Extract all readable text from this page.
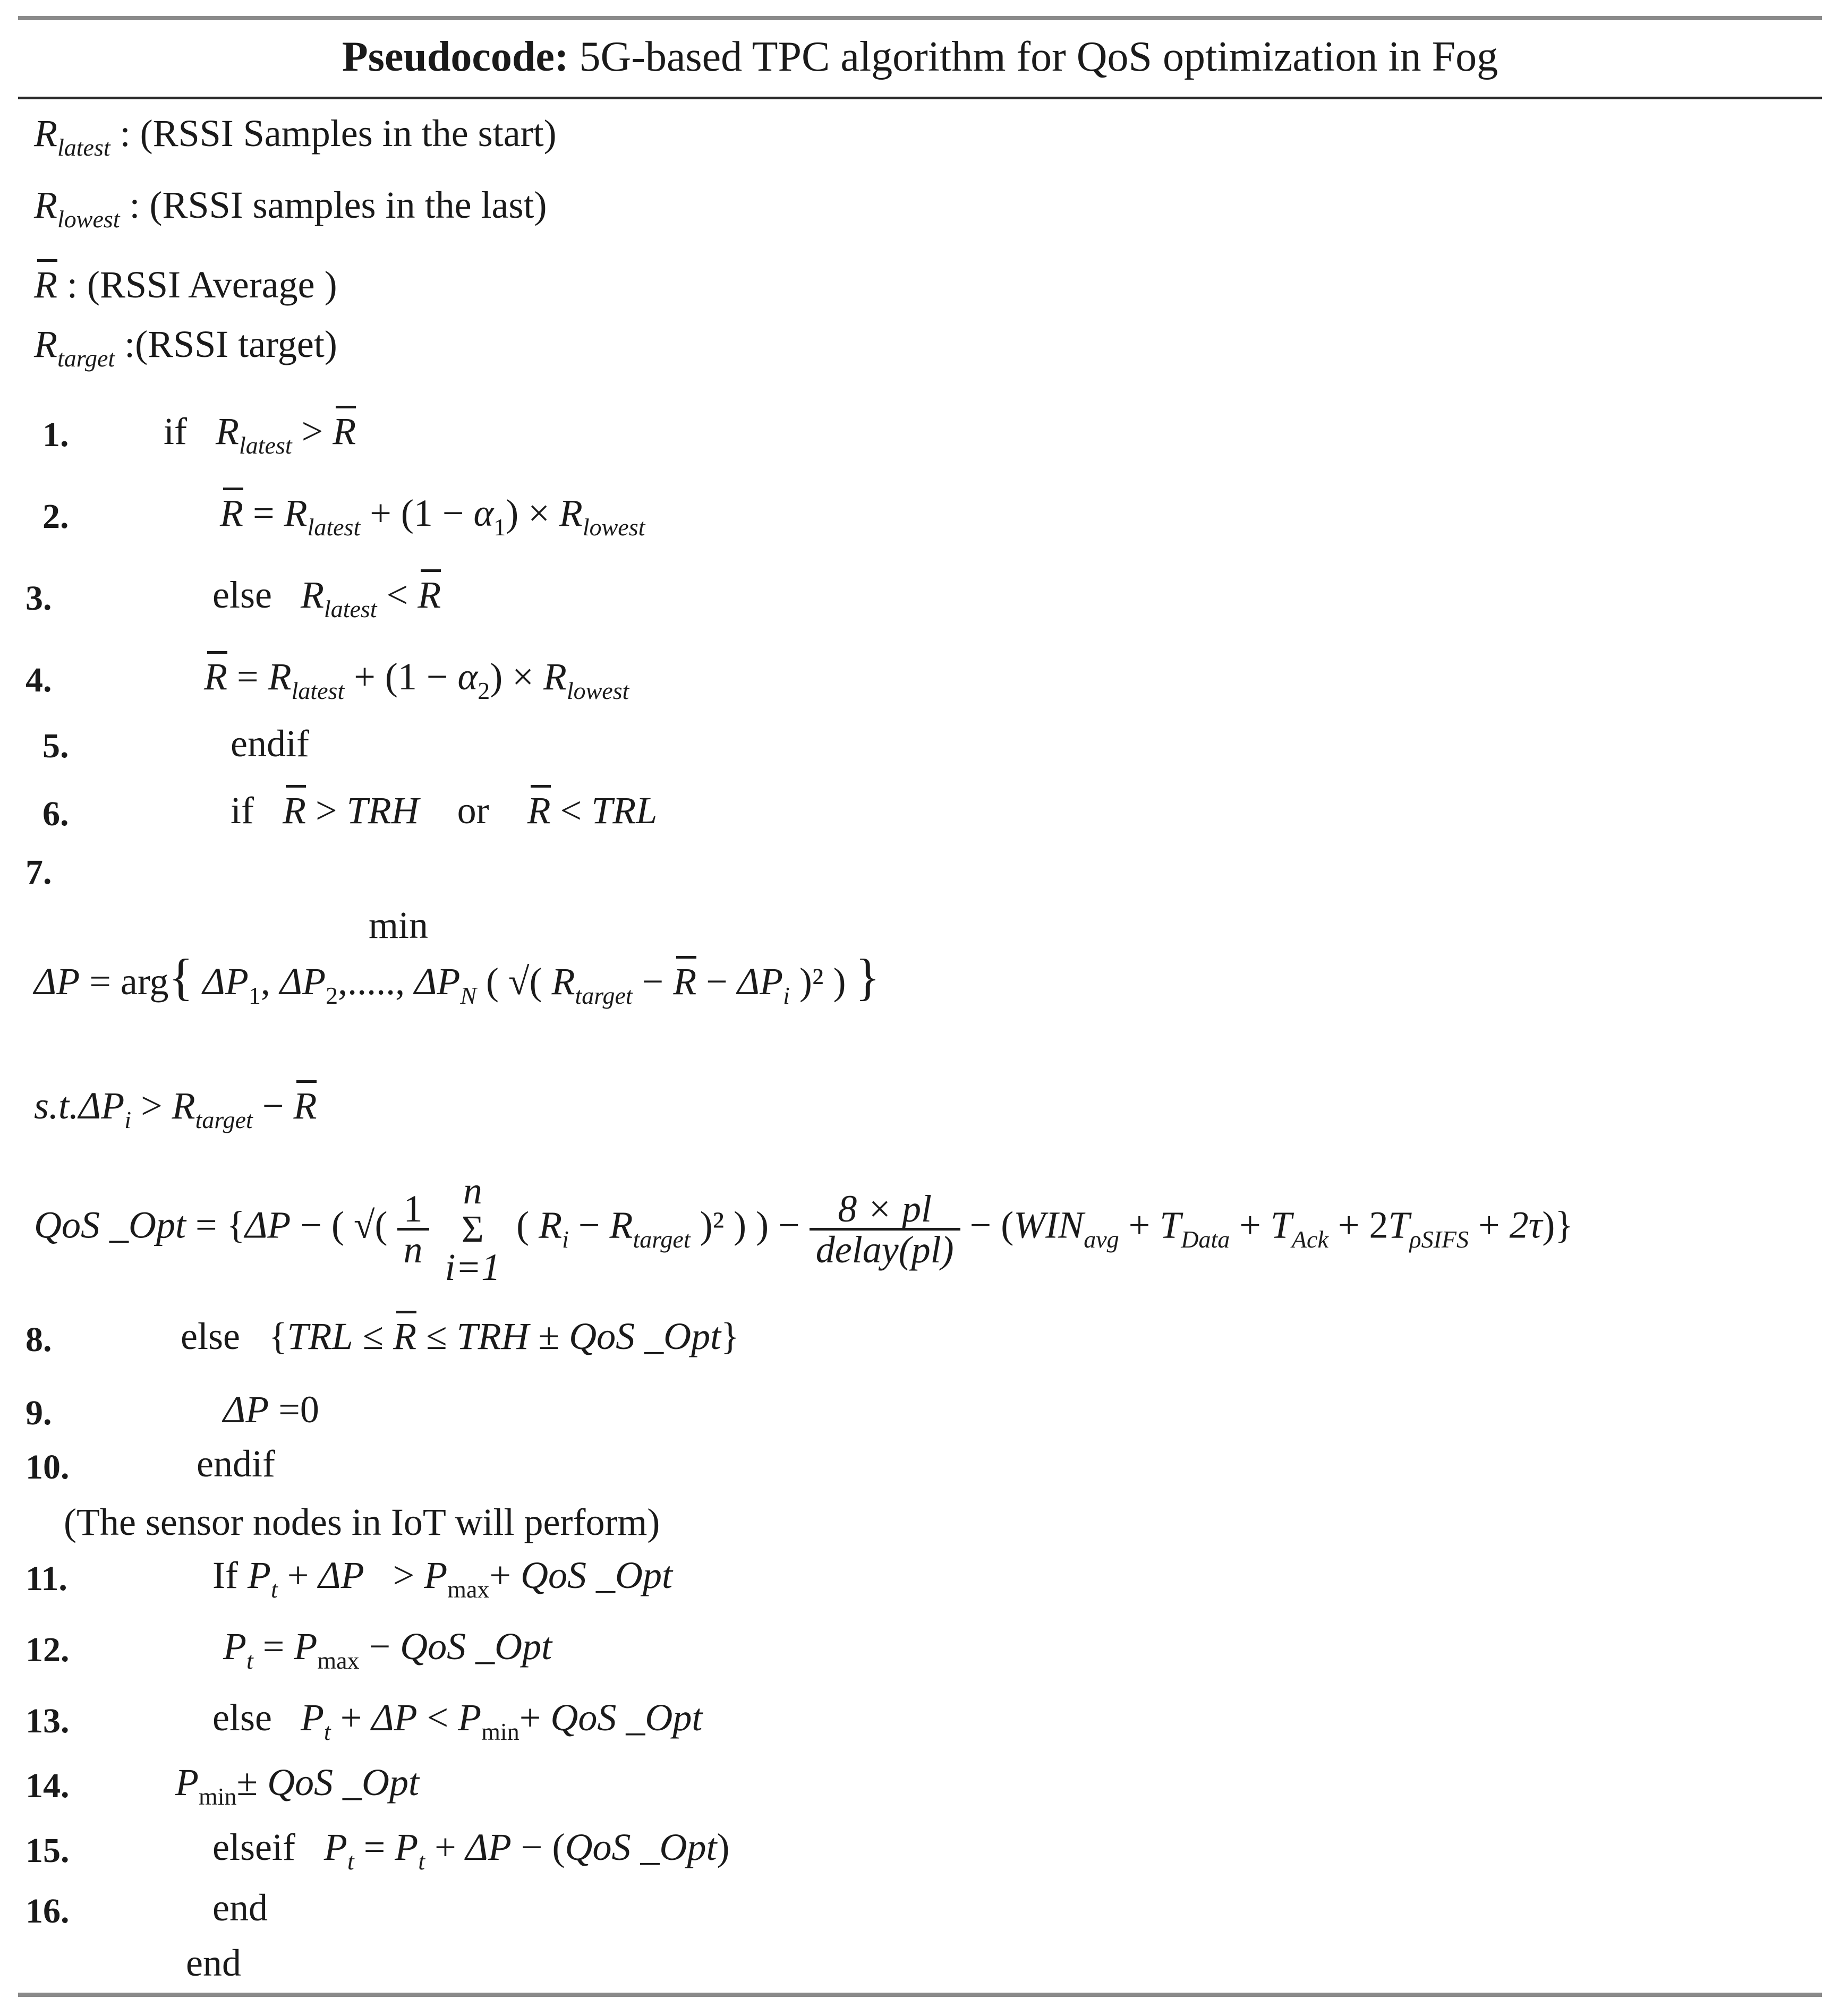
Pseudocode: 5G-based TPC algorithm for QoS optimization in Fog
$R_{latest}$ : (RSSI Samples in the start)
$R_{lowest}$ : (RSSI samples in the last)
R : (RSSI Average )
$R_{target}$ :(RSSI target)
1.
2.
3.
4.
5.
6.
7.
8.
9.
10.
11.
12.
13.
14.
15.
16.
if $R_{latest} > R$
$R = R_{latest} + (1 - \alpha_1) \times R_{lowest}$
else $R_{latest} < R$
$R = R_{latest} + (1 - \alpha_2) \times R_{lowest}$
endif
if R > TRH or R < TRL
min
ΔP = arg{ $\Delta P_1$, $\Delta P_2$,....., $\Delta P_N$ ( √( $R_{target} - R - \Delta P_i$ )² ) }
$s.t.\Delta P_i > R_{target} - R$
QoS _Opt = {ΔP − ( √( $\frac{1}{n}$
n
Σ
i=1
( $R_i - R_{target}$ )² ) ) − $\frac{8 \times pl}{\text{delay(pl)}} - (WIN_{avg} + T_{Data} + T_{Ack} + 2T_{\rho SIFS} + 2\tau)$}
else   {TRL ≤ R ≤ TRH ± QoS _Opt}
ΔP =0
endif
(The sensor nodes in IoT will perform)
If $P_t + \Delta P > P_{max}+$ QoS _Opt
$P_t = P_{max}$ − QoS _Opt
else $P_t + \Delta P < P_{min}+$ QoS _Opt
$P_{min}\pm$ QoS _Opt
elseif $P_t = P_t + \Delta P - (QoS$ _Opt)
end
end
